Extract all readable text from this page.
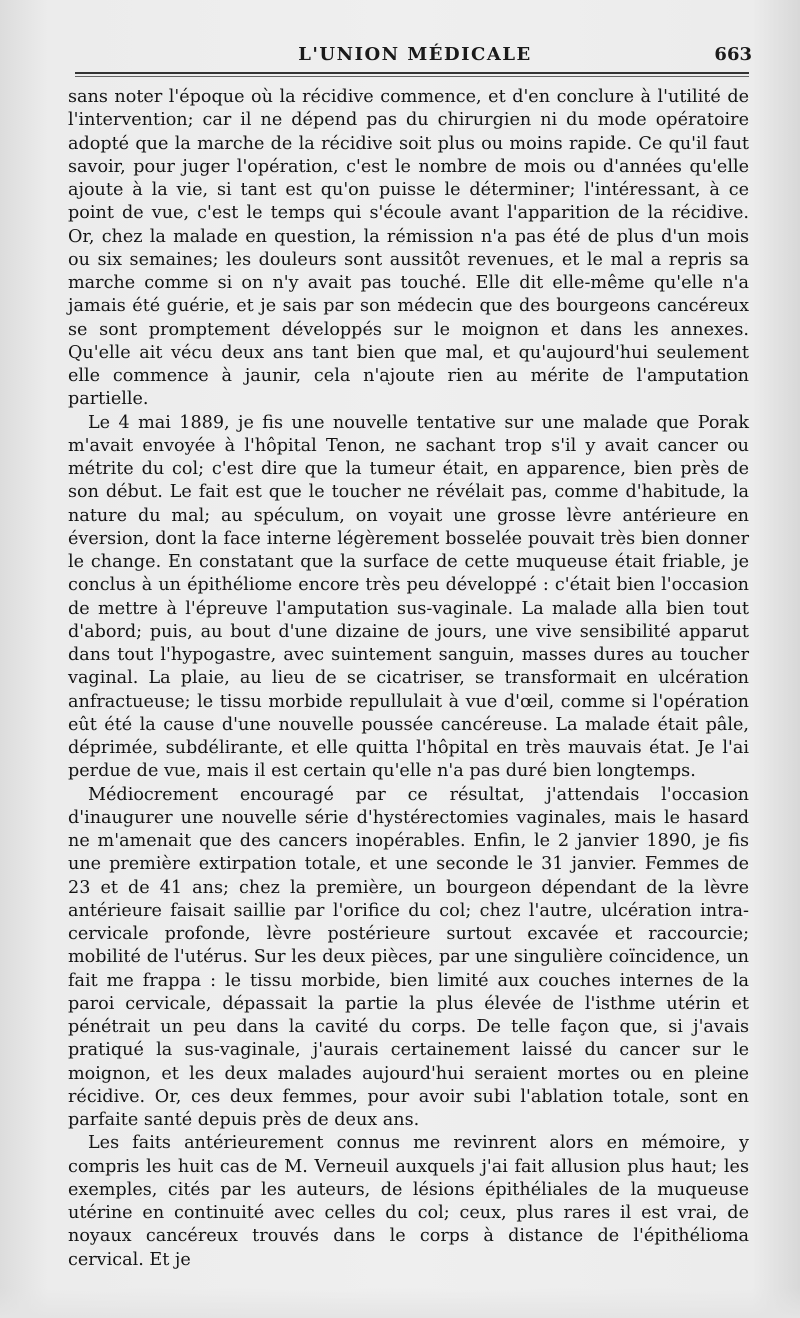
L'UNION MÉDICALE	663

sans noter l'époque où la récidive commence, et d'en conclure à l'utilité de l'intervention; car il ne dépend pas du chirurgien ni du mode opératoire adopté que la marche de la récidive soit plus ou moins rapide. Ce qu'il faut savoir, pour juger l'opération, c'est le nombre de mois ou d'années qu'elle ajoute à la vie, si tant est qu'on puisse le déterminer; l'intéressant, à ce point de vue, c'est le temps qui s'écoule avant l'apparition de la récidive. Or, chez la malade en question, la rémission n'a pas été de plus d'un mois ou six semaines; les douleurs sont aussitôt revenues, et le mal a repris sa marche comme si on n'y avait pas touché. Elle dit elle-même qu'elle n'a jamais été guérie, et je sais par son médecin que des bourgeons cancéreux se sont promptement développés sur le moignon et dans les annexes. Qu'elle ait vécu deux ans tant bien que mal, et qu'aujourd'hui seulement elle commence à jaunir, cela n'ajoute rien au mérite de l'amputation partielle.

Le 4 mai 1889, je fis une nouvelle tentative sur une malade que Porak m'avait envoyée à l'hôpital Tenon, ne sachant trop s'il y avait cancer ou métrite du col; c'est dire que la tumeur était, en apparence, bien près de son début. Le fait est que le toucher ne révélait pas, comme d'habitude, la nature du mal; au spéculum, on voyait une grosse lèvre antérieure en éversion, dont la face interne légèrement bosselée pouvait très bien donner le change. En constatant que la surface de cette muqueuse était friable, je conclus à un épithéliome encore très peu développé : c'était bien l'occasion de mettre à l'épreuve l'amputation sus-vaginale. La malade alla bien tout d'abord; puis, au bout d'une dizaine de jours, une vive sensibilité apparut dans tout l'hypogastre, avec suintement sanguin, masses dures au toucher vaginal. La plaie, au lieu de se cicatriser, se transformait en ulcération anfractueuse; le tissu morbide repullulait à vue d'œil, comme si l'opération eût été la cause d'une nouvelle poussée cancéreuse. La malade était pâle, déprimée, subdélirante, et elle quitta l'hôpital en très mauvais état. Je l'ai perdue de vue, mais il est certain qu'elle n'a pas duré bien longtemps.

Médiocrement encouragé par ce résultat, j'attendais l'occasion d'inaugurer une nouvelle série d'hystérectomies vaginales, mais le hasard ne m'amenait que des cancers inopérables. Enfin, le 2 janvier 1890, je fis une première extirpation totale, et une seconde le 31 janvier. Femmes de 23 et de 41 ans; chez la première, un bourgeon dépendant de la lèvre antérieure faisait saillie par l'orifice du col; chez l'autre, ulcération intra-cervicale profonde, lèvre postérieure surtout excavée et raccourcie; mobilité de l'utérus. Sur les deux pièces, par une singulière coïncidence, un fait me frappa : le tissu morbide, bien limité aux couches internes de la paroi cervicale, dépassait la partie la plus élevée de l'isthme utérin et pénétrait un peu dans la cavité du corps. De telle façon que, si j'avais pratiqué la sus-vaginale, j'aurais certainement laissé du cancer sur le moignon, et les deux malades aujourd'hui seraient mortes ou en pleine récidive. Or, ces deux femmes, pour avoir subi l'ablation totale, sont en parfaite santé depuis près de deux ans.

Les faits antérieurement connus me revinrent alors en mémoire, y compris les huit cas de M. Verneuil auxquels j'ai fait allusion plus haut; les exemples, cités par les auteurs, de lésions épithéliales de la muqueuse utérine en continuité avec celles du col; ceux, plus rares il est vrai, de noyaux cancéreux trouvés dans le corps à distance de l'épithélioma cervical. Et je
